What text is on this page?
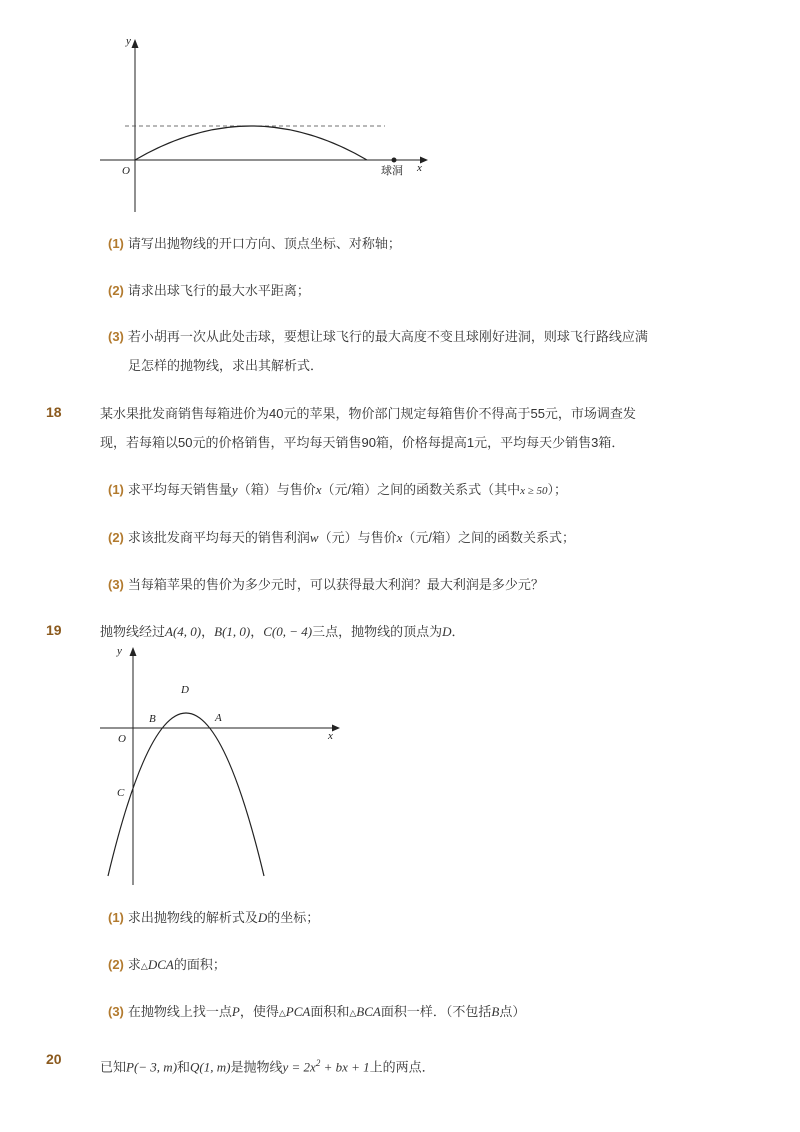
y
x
O	球洞
(1) 请写出抛物线的开口方向、顶点坐标、对称轴；
(2) 请求出球飞行的最大水平距离；
(3) 若小胡再一次从此处击球，要想让球飞行的最大高度不变且球刚好进洞，则球飞行路线应满
足怎样的抛物线，求出其解析式．
18	某水果批发商销售每箱进价为40元的苹果，物价部门规定每箱售价不得高于55元，市场调查发
现，若每箱以50元的价格销售，平均每天销售90箱，价格每提高1元，平均每天少销售3箱．
(1) 求平均每天销售量y（箱）与售价x（元/箱）之间的函数关系式（其中x ≥ 50）；
(2) 求该批发商平均每天的销售利润w（元）与售价x（元/箱）之间的函数关系式；
(3) 当每箱苹果的售价为多少元时，可以获得最大利润？最大利润是多少元？
19	抛物线经过A(4, 0)，B(1, 0)，C(0, − 4)三点，抛物线的顶点为D．
y
x
O
B	A
D
C
(1) 求出抛物线的解析式及D的坐标；
(2) 求△DCA的面积；
(3) 在抛物线上找一点P，使得△PCA面积和△BCA面积一样．（不包括B点）
20	已知P(− 3, m)和Q(1, m)是抛物线$y = 2x^2$ + bx + 1上的两点．
